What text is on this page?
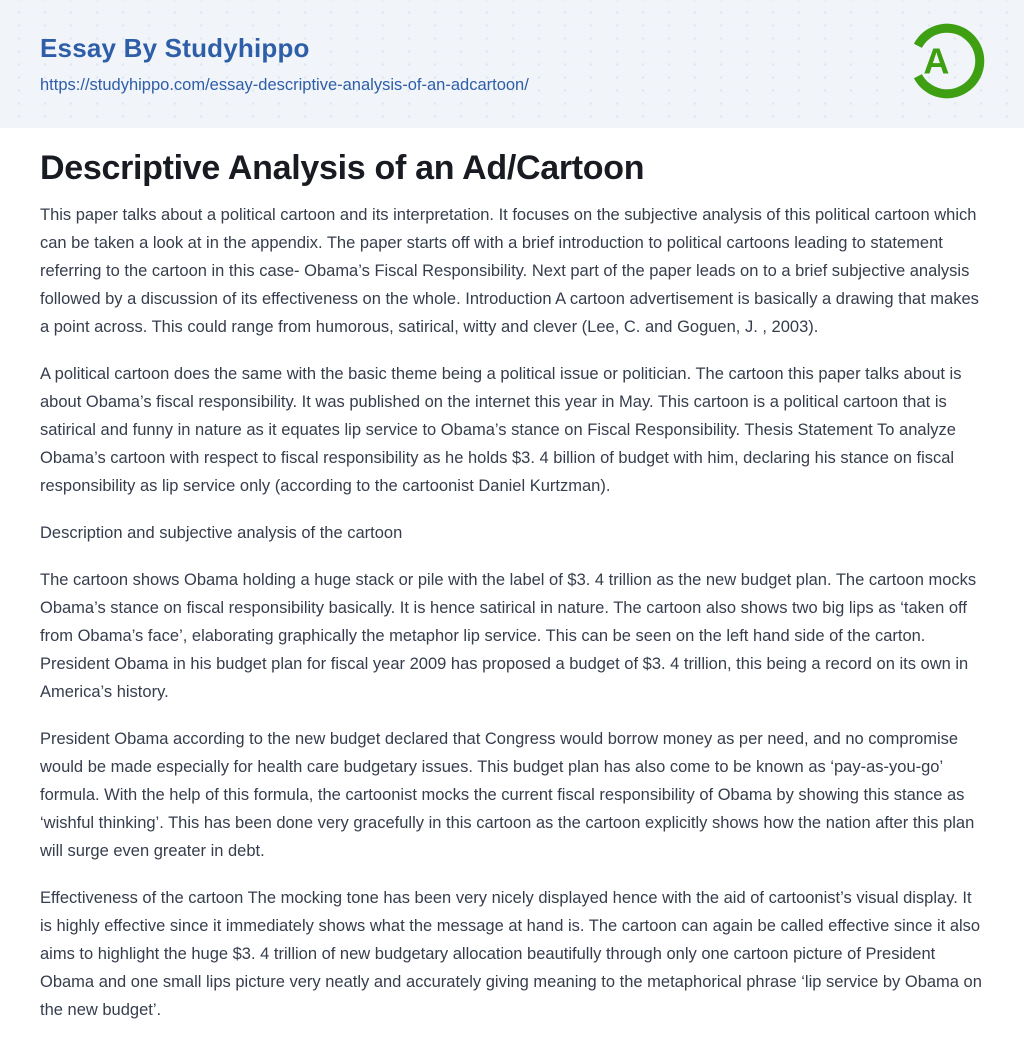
Essay By Studyhippo
https://studyhippo.com/essay-descriptive-analysis-of-an-adcartoon/
A
Descriptive Analysis of an Ad/Cartoon

This paper talks about a political cartoon and its interpretation. It focuses on the subjective analysis of this political cartoon which can be taken a look at in the appendix. The paper starts off with a brief introduction to political cartoons leading to statement referring to the cartoon in this case- Obama’s Fiscal Responsibility. Next part of the paper leads on to a brief subjective analysis followed by a discussion of its effectiveness on the whole. Introduction A cartoon advertisement is basically a drawing that makes a point across. This could range from humorous, satirical, witty and clever (Lee, C. and Goguen, J. , 2003).

A political cartoon does the same with the basic theme being a political issue or politician. The cartoon this paper talks about is about Obama’s fiscal responsibility. It was published on the internet this year in May. This cartoon is a political cartoon that is satirical and funny in nature as it equates lip service to Obama’s stance on Fiscal Responsibility. Thesis Statement To analyze Obama’s cartoon with respect to fiscal responsibility as he holds $3. 4 billion of budget with him, declaring his stance on fiscal responsibility as lip service only (according to the cartoonist Daniel Kurtzman).

Description and subjective analysis of the cartoon

The cartoon shows Obama holding a huge stack or pile with the label of $3. 4 trillion as the new budget plan. The cartoon mocks Obama’s stance on fiscal responsibility basically. It is hence satirical in nature. The cartoon also shows two big lips as ‘taken off from Obama’s face’, elaborating graphically the metaphor lip service. This can be seen on the left hand side of the carton. President Obama in his budget plan for fiscal year 2009 has proposed a budget of $3. 4 trillion, this being a record on its own in America’s history.

President Obama according to the new budget declared that Congress would borrow money as per need, and no compromise would be made especially for health care budgetary issues. This budget plan has also come to be known as ‘pay-as-you-go’ formula. With the help of this formula, the cartoonist mocks the current fiscal responsibility of Obama by showing this stance as ‘wishful thinking’. This has been done very gracefully in this cartoon as the cartoon explicitly shows how the nation after this plan will surge even greater in debt.

Effectiveness of the cartoon The mocking tone has been very nicely displayed hence with the aid of cartoonist’s visual display. It is highly effective since it immediately shows what the message at hand is. The cartoon can again be called effective since it also aims to highlight the huge $3. 4 trillion of new budgetary allocation beautifully through only one cartoon picture of President Obama and one small lips picture very neatly and accurately giving meaning to the metaphorical phrase ‘lip service by Obama on the new budget’.
